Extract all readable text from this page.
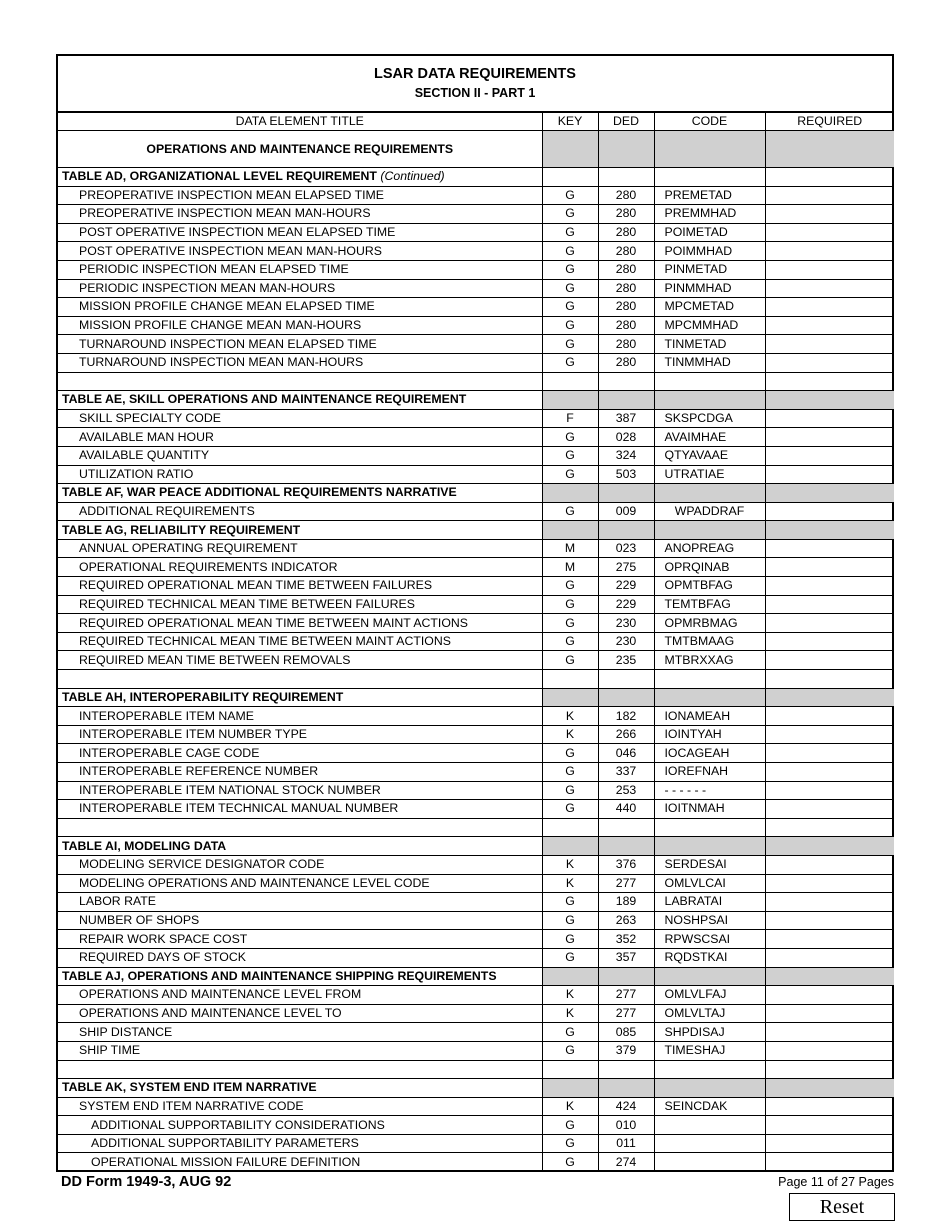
LSAR DATA REQUIREMENTS
SECTION II - PART 1
DATA ELEMENT TITLE	KEY	DED	CODE	REQUIRED
OPERATIONS AND MAINTENANCE REQUIREMENTS				
TABLE AD, ORGANIZATIONAL LEVEL REQUIREMENT (Continued)				
PREOPERATIVE INSPECTION MEAN ELAPSED TIME	G	280	PREMETAD	
PREOPERATIVE INSPECTION MEAN MAN-HOURS	G	280	PREMMHAD	
POST OPERATIVE INSPECTION MEAN ELAPSED TIME	G	280	POIMETAD	
POST OPERATIVE INSPECTION MEAN MAN-HOURS	G	280	POIMMHAD	
PERIODIC INSPECTION MEAN ELAPSED TIME	G	280	PINMETAD	
PERIODIC INSPECTION MEAN MAN-HOURS	G	280	PINMMHAD	
MISSION PROFILE CHANGE MEAN ELAPSED TIME	G	280	MPCMETAD	
MISSION PROFILE CHANGE MEAN MAN-HOURS	G	280	MPCMMHAD	
TURNAROUND INSPECTION MEAN ELAPSED TIME	G	280	TINMETAD	
TURNAROUND INSPECTION MEAN MAN-HOURS	G	280	TINMMHAD	

TABLE AE, SKILL OPERATIONS AND MAINTENANCE REQUIREMENT				
SKILL SPECIALTY CODE	F	387	SKSPCDGA	
AVAILABLE MAN HOUR	G	028	AVAIMHAE	
AVAILABLE QUANTITY	G	324	QTYAVAAE	
UTILIZATION RATIO	G	503	UTRATIAE	
TABLE AF, WAR PEACE ADDITIONAL REQUIREMENTS NARRATIVE				
ADDITIONAL REQUIREMENTS	G	009	WPADDRAF	
TABLE AG, RELIABILITY REQUIREMENT				
ANNUAL OPERATING REQUIREMENT	M	023	ANOPREAG	
OPERATIONAL REQUIREMENTS INDICATOR	M	275	OPRQINAB	
REQUIRED OPERATIONAL MEAN TIME BETWEEN FAILURES	G	229	OPMTBFAG	
REQUIRED TECHNICAL MEAN TIME BETWEEN FAILURES	G	229	TEMTBFAG	
REQUIRED OPERATIONAL MEAN TIME BETWEEN MAINT ACTIONS	G	230	OPMRBMAG	
REQUIRED TECHNICAL MEAN TIME BETWEEN MAINT ACTIONS	G	230	TMTBMAAG	
REQUIRED MEAN TIME BETWEEN REMOVALS	G	235	MTBRXXAG	

TABLE AH, INTEROPERABILITY REQUIREMENT				
INTEROPERABLE ITEM NAME	K	182	IONAMEAH	
INTEROPERABLE ITEM NUMBER TYPE	K	266	IOINTYAH	
INTEROPERABLE CAGE CODE	G	046	IOCAGEAH	
INTEROPERABLE REFERENCE NUMBER	G	337	IOREFNAH	
INTEROPERABLE ITEM NATIONAL STOCK NUMBER	G	253	- - - - - -	
INTEROPERABLE ITEM TECHNICAL MANUAL NUMBER	G	440	IOITNMAH	

TABLE AI, MODELING DATA				
MODELING SERVICE DESIGNATOR CODE	K	376	SERDESAI	
MODELING OPERATIONS AND MAINTENANCE LEVEL CODE	K	277	OMLVLCAI	
LABOR RATE	G	189	LABRATAI	
NUMBER OF SHOPS	G	263	NOSHPSAI	
REPAIR WORK SPACE COST	G	352	RPWSCSAI	
REQUIRED DAYS OF STOCK	G	357	RQDSTKAI	
TABLE AJ, OPERATIONS AND MAINTENANCE SHIPPING REQUIREMENTS				
OPERATIONS AND MAINTENANCE LEVEL FROM	K	277	OMLVLFAJ	
OPERATIONS AND MAINTENANCE LEVEL TO	K	277	OMLVLTAJ	
SHIP DISTANCE	G	085	SHPDISAJ	
SHIP TIME	G	379	TIMESHAJ	

TABLE AK, SYSTEM END ITEM NARRATIVE				
SYSTEM END ITEM NARRATIVE CODE	K	424	SEINCDAK	
ADDITIONAL SUPPORTABILITY CONSIDERATIONS	G	010		
ADDITIONAL SUPPORTABILITY PARAMETERS	G	011		
OPERATIONAL MISSION FAILURE DEFINITION	G	274		
DD Form 1949-3, AUG 92	Page 11 of 27 Pages
Reset
